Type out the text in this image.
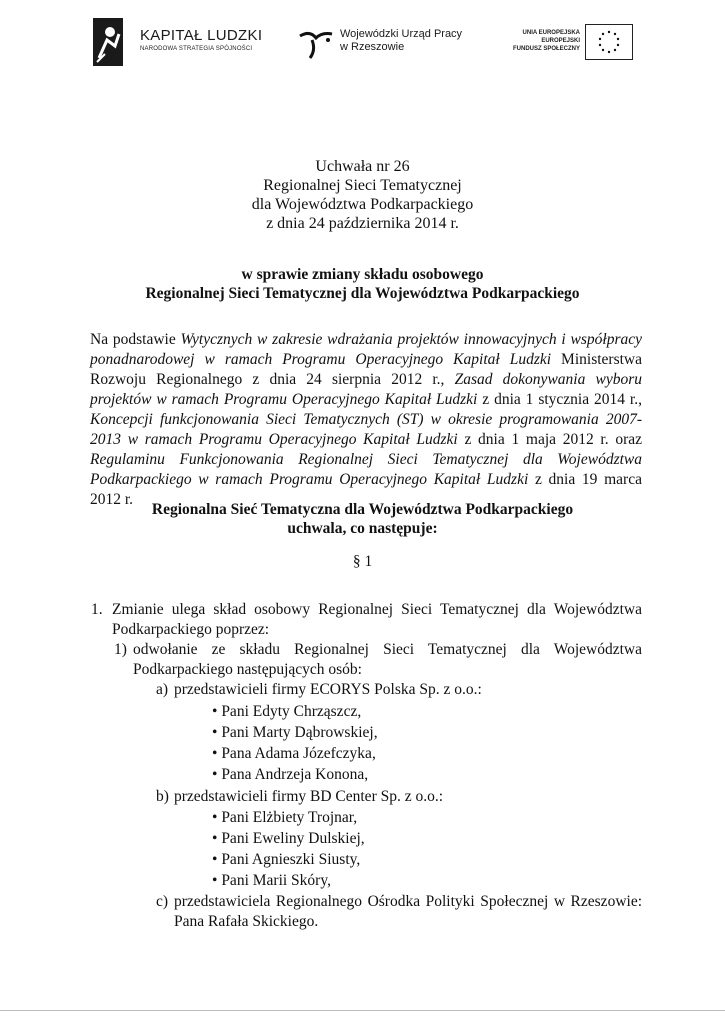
KAPITAŁ LUDZKI
NARODOWA STRATEGIA SPÓJNOŚCI
Wojewódzki Urząd Pracy
w Rzeszowie
UNIA EUROPEJSKA
EUROPEJSKI
FUNDUSZ SPOŁECZNY
Uchwała nr 26
Regionalnej Sieci Tematycznej
dla Województwa Podkarpackiego
z dnia 24 października 2014 r.
w sprawie zmiany składu osobowego
Regionalnej Sieci Tematycznej dla Województwa Podkarpackiego
Na podstawie Wytycznych w zakresie wdrażania projektów innowacyjnych i współpracy ponadnarodowej w ramach Programu Operacyjnego Kapitał Ludzki Ministerstwa Rozwoju Regionalnego z dnia 24 sierpnia 2012 r., Zasad dokonywania wyboru projektów w ramach Programu Operacyjnego Kapitał Ludzki z dnia 1 stycznia 2014 r., Koncepcji funkcjonowania Sieci Tematycznych (ST) w okresie programowania 2007-2013 w ramach Programu Operacyjnego Kapitał Ludzki z dnia 1 maja 2012 r. oraz Regulaminu Funkcjonowania Regionalnej Sieci Tematycznej dla Województwa Podkarpackiego w ramach Programu Operacyjnego Kapitał Ludzki z dnia 19 marca 2012 r.
Regionalna Sieć Tematyczna dla Województwa Podkarpackiego
uchwala, co następuje:
§ 1
1. Zmianie ulega skład osobowy Regionalnej Sieci Tematycznej dla Województwa Podkarpackiego poprzez:
1) odwołanie ze składu Regionalnej Sieci Tematycznej dla Województwa Podkarpackiego następujących osób:
a) przedstawicieli firmy ECORYS Polska Sp. z o.o.:
• Pani Edyty Chrząszcz,
• Pani Marty Dąbrowskiej,
• Pana Adama Józefczyka,
• Pana Andrzeja Konona,
b) przedstawicieli firmy BD Center Sp. z o.o.:
• Pani Elżbiety Trojnar,
• Pani Eweliny Dulskiej,
• Pani Agnieszki Siusty,
• Pani Marii Skóry,
c) przedstawiciela Regionalnego Ośrodka Polityki Społecznej w Rzeszowie: Pana Rafała Skickiego.
